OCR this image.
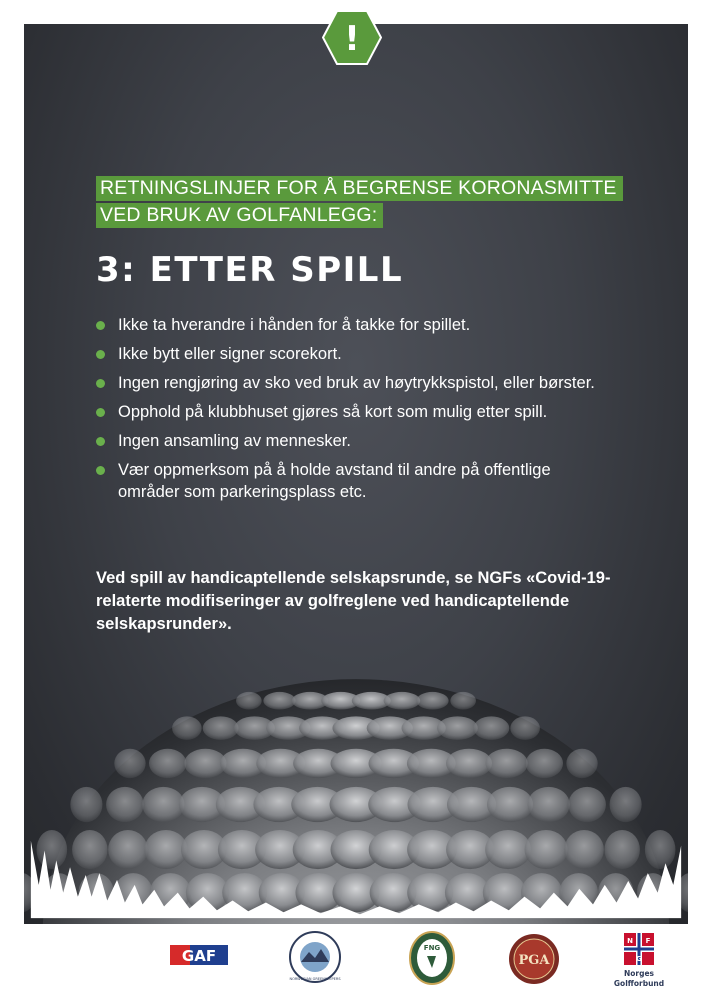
!
RETNINGSLINJER FOR Å BEGRENSE KORONASMITTE
VED BRUK AV GOLFANLEGG:
3: ETTER SPILL
Ikke ta hverandre i hånden for å takke for spillet.
Ikke bytt eller signer scorekort.
Ingen rengjøring av sko ved bruk av høytrykkspistol, eller børster.
Opphold på klubbhuset gjøres så kort som mulig etter spill.
Ingen ansamling av mennesker.
Vær oppmerksom på å holde avstand til andre på offentlige områder som parkeringsplass etc.
Ved spill av handicaptellende selskapsrunde, se NGFs «Covid-19-relaterte modifiseringer av golfreglene ved handicaptellende selskapsrunder».
GAF
NORWEGIAN GREENKEEPERS
FNG
PGA
N
G
F
Norges
Golfforbund
